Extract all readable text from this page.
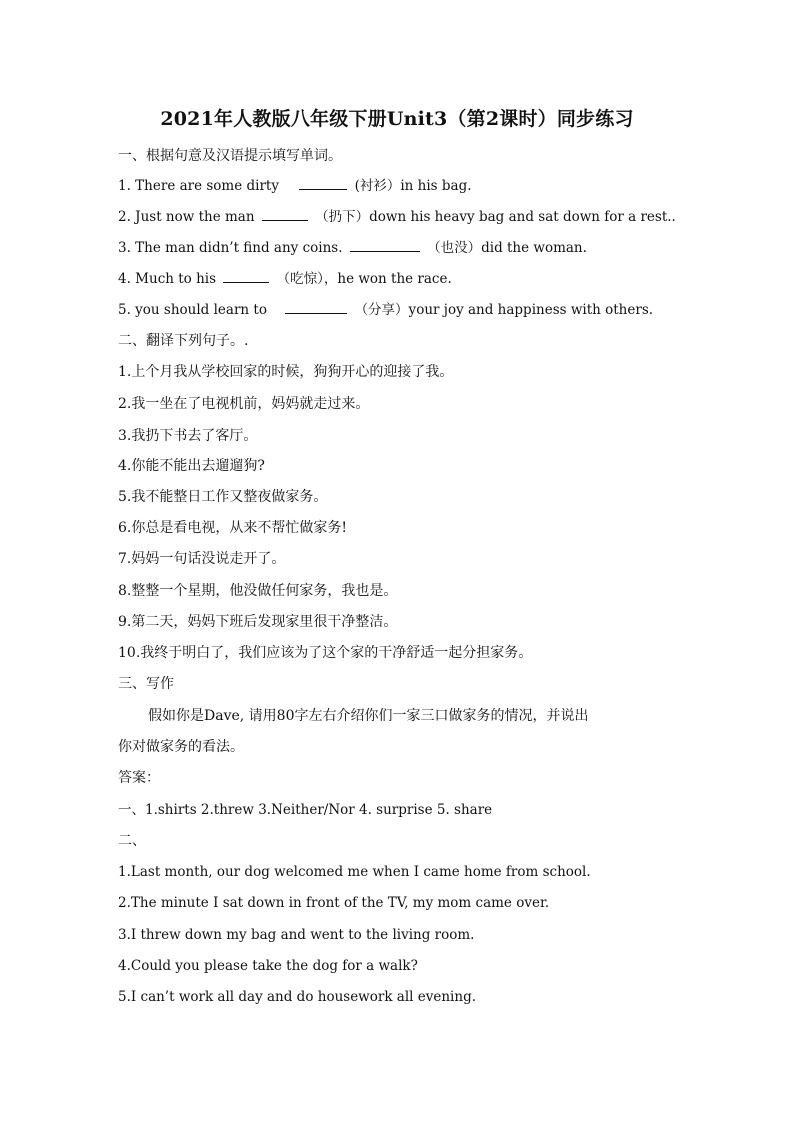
2021年人教版八年级下册Unit3（第2课时）同步练习
一、根据句意及汉语提示填写单词。
1. There are some dirty	(衬衫）in his bag.
2. Just now the man	（扔下）down his heavy bag and sat down for a rest..
3. The man didn’t find any coins.	（也没）did the woman.
4. Much to his	（吃惊），he won the race.
5. you should learn to	（分享）your joy and happiness with others.
二、翻译下列句子。.
1.上个月我从学校回家的时候，狗狗开心的迎接了我。
2.我一坐在了电视机前，妈妈就走过来。
3.我扔下书去了客厅。
4.你能不能出去遛遛狗?
5.我不能整日工作又整夜做家务。
6.你总是看电视，从来不帮忙做家务!
7.妈妈一句话没说走开了。
8.整整一个星期，他没做任何家务，我也是。
9.第二天，妈妈下班后发现家里很干净整洁。
10.我终于明白了，我们应该为了这个家的干净舒适一起分担家务。
三、写作
假如你是Dave, 请用80字左右介绍你们一家三口做家务的情况，并说出
你对做家务的看法。
答案：
一、1.shirts 2.threw 3.Neither/Nor 4. surprise 5. share
二、
1.Last month, our dog welcomed me when I came home from school.
2.The minute I sat down in front of the TV, my mom came over.
3.I threw down my bag and went to the living room.
4.Could you please take the dog for a walk?
5.I can’t work all day and do housework all evening.
